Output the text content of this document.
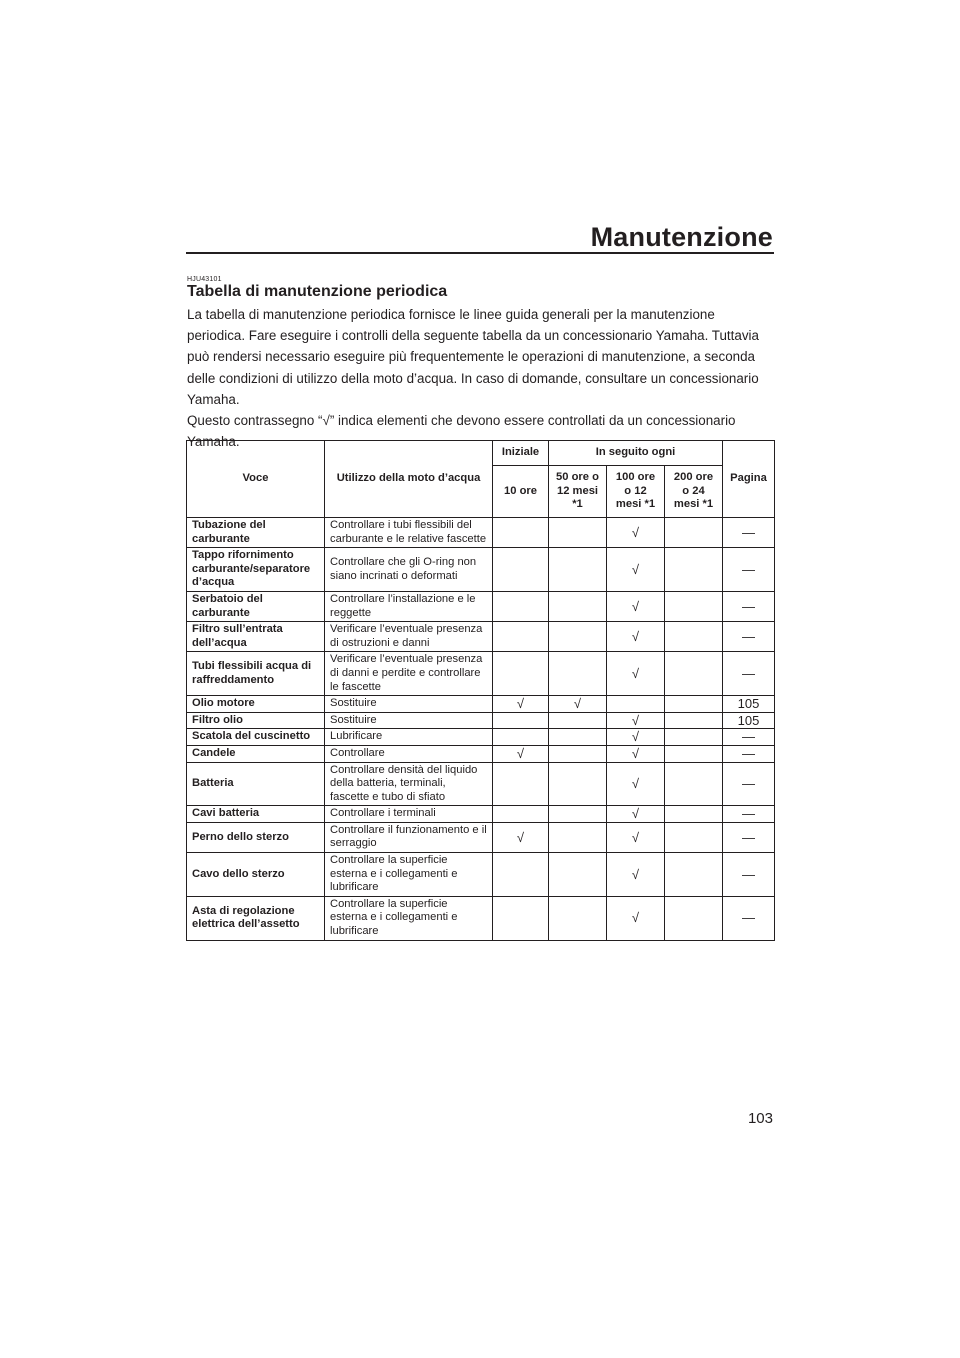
Manutenzione
HJU43101
Tabella di manutenzione periodica

La tabella di manutenzione periodica fornisce le linee guida generali per la manutenzione periodica. Fare eseguire i controlli della seguente tabella da un concessionario Yamaha. Tuttavia può rendersi necessario eseguire più frequentemente le operazioni di manutenzione, a seconda delle condizioni di utilizzo della moto d’acqua. In caso di domande, consultare un concessionario Yamaha.

Questo contrassegno “√” indica elementi che devono essere controllati da un concessionario Yamaha.

Voce	Utilizzo della moto d’acqua	Iniziale	In seguito ogni			Pagina
		10 ore	50 ore o 12 mesi *1	100 ore o 12 mesi *1	200 ore o 24 mesi *1	
Tubazione del carburante	Controllare i tubi flessibili del carburante e le relative fascette			√		—
Tappo rifornimento carburante/separatore d’acqua	Controllare che gli O-ring non siano incrinati o deformati			√		—
Serbatoio del carburante	Controllare l’installazione e le reggette			√		—
Filtro sull’entrata dell’acqua	Verificare l’eventuale presenza di ostruzioni e danni			√		—
Tubi flessibili acqua di raffreddamento	Verificare l’eventuale presenza di danni e perdite e controllare le fascette			√		—
Olio motore	Sostituire	√	√			105
Filtro olio	Sostituire			√		105
Scatola del cuscinetto	Lubrificare			√		—
Candele	Controllare	√		√		—
Batteria	Controllare densità del liquido della batteria, terminali, fascette e tubo di sfiato			√		—
Cavi batteria	Controllare i terminali			√		—
Perno dello sterzo	Controllare il funzionamento e il serraggio	√		√		—
Cavo dello sterzo	Controllare la superficie esterna e i collegamenti e lubrificare			√		—
Asta di regolazione elettrica dell’assetto	Controllare la superficie esterna e i collegamenti e lubrificare			√		—
103
